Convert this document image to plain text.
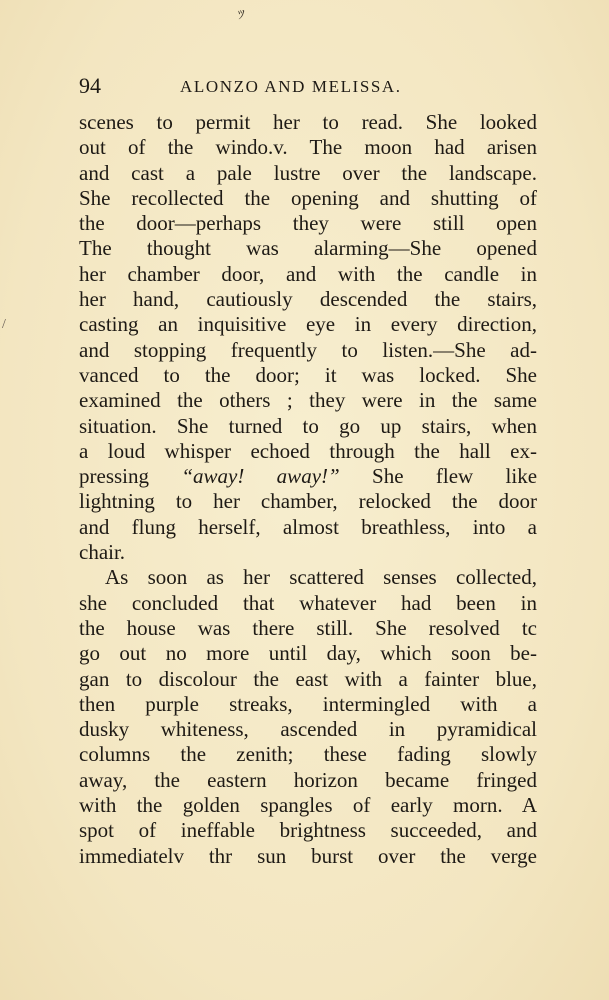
ﾂ
/
94	ALONZO AND MELISSA.
scenes to permit her to read. She looked
out of the windo.v. The moon had arisen
and cast a pale lustre over the landscape.
She recollected the opening and shutting of
the door—perhaps they were still open
The thought was alarming—She opened
her chamber door, and with the candle in
her hand, cautiously descended the stairs,
casting an inquisitive eye in every direction,
and stopping frequently to listen.—She ad-
vanced to the door; it was locked. She
examined the others ; they were in the same
situation. She turned to go up stairs, when
a loud whisper echoed through the hall ex-
pressing “away! away!” She flew like
lightning to her chamber, relocked the door
and flung herself, almost breathless, into a
chair.
As soon as her scattered senses collected,
she concluded that whatever had been in
the house was there still. She resolved tc
go out no more until day, which soon be-
gan to discolour the east with a fainter blue,
then purple streaks, intermingled with a
dusky whiteness, ascended in pyramidical
columns the zenith; these fading slowly
away, the eastern horizon became fringed
with the golden spangles of early morn. A
spot of ineffable brightness succeeded, and
immediatelv thr sun burst over the verge
